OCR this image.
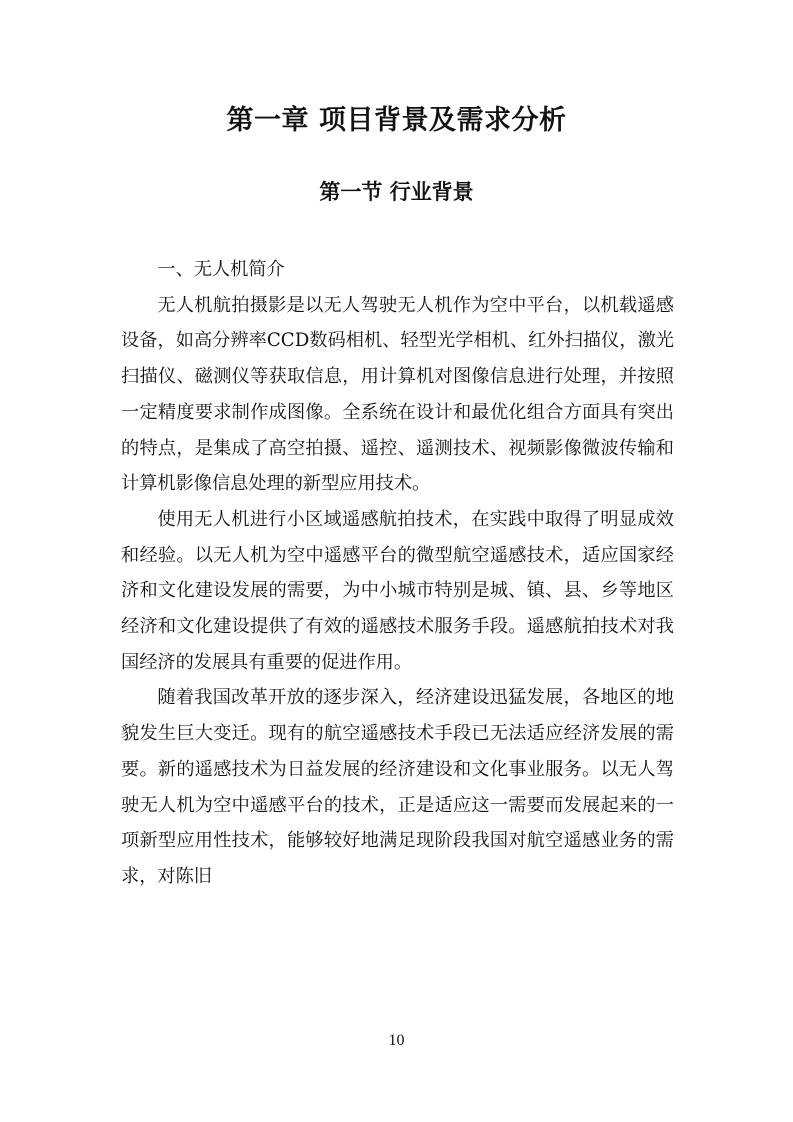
第一章 项目背景及需求分析
第一节 行业背景

一、无人机简介

无人机航拍摄影是以无人驾驶无人机作为空中平台，以机载遥感设备，如高分辨率CCD数码相机、轻型光学相机、红外扫描仪，激光扫描仪、磁测仪等获取信息，用计算机对图像信息进行处理，并按照一定精度要求制作成图像。全系统在设计和最优化组合方面具有突出的特点，是集成了高空拍摄、遥控、遥测技术、视频影像微波传输和计算机影像信息处理的新型应用技术。

使用无人机进行小区域遥感航拍技术，在实践中取得了明显成效和经验。以无人机为空中遥感平台的微型航空遥感技术，适应国家经济和文化建设发展的需要，为中小城市特别是城、镇、县、乡等地区经济和文化建设提供了有效的遥感技术服务手段。遥感航拍技术对我国经济的发展具有重要的促进作用。

随着我国改革开放的逐步深入，经济建设迅猛发展，各地区的地貌发生巨大变迁。现有的航空遥感技术手段已无法适应经济发展的需要。新的遥感技术为日益发展的经济建设和文化事业服务。以无人驾驶无人机为空中遥感平台的技术，正是适应这一需要而发展起来的一项新型应用性技术，能够较好地满足现阶段我国对航空遥感业务的需求，对陈旧

10
